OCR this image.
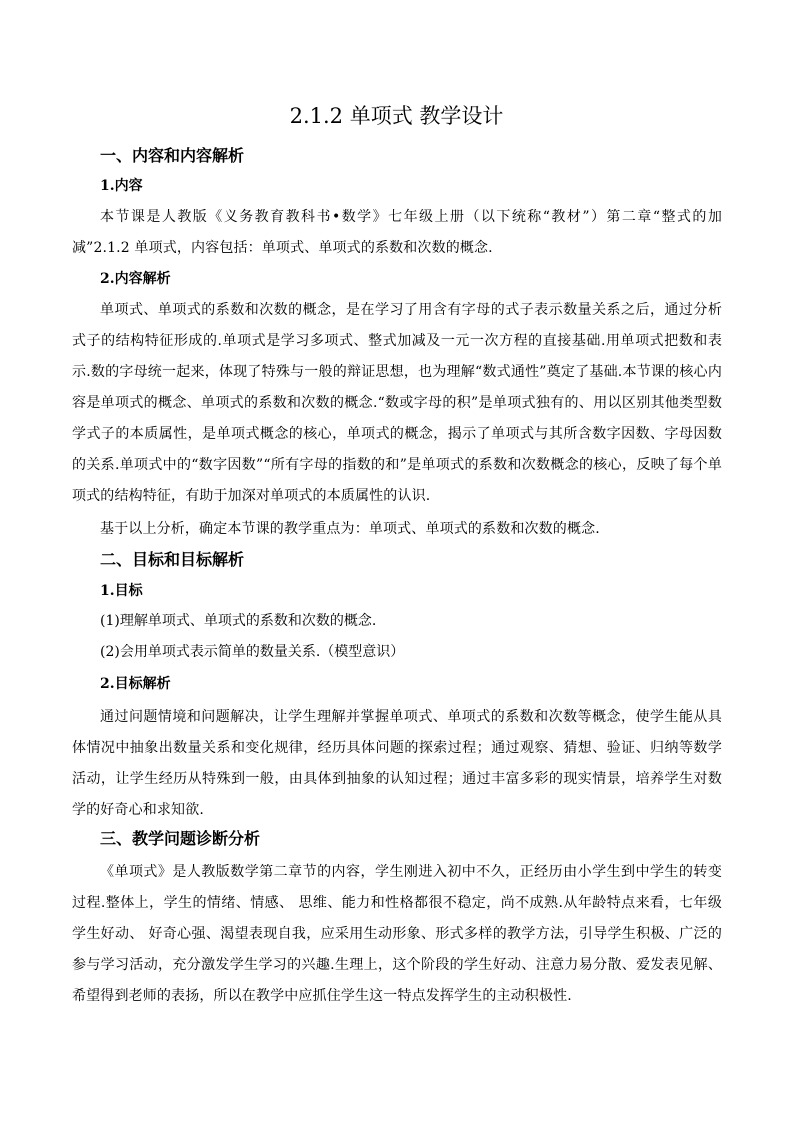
2.1.2 单项式 教学设计
一、内容和内容解析
1.内容

本节课是人教版《义务教育教科书•数学》七年级上册（以下统称“教材”）第二章“整式的加减”2.1.2 单项式，内容包括：单项式、单项式的系数和次数的概念.

2.内容解析

单项式、单项式的系数和次数的概念，是在学习了用含有字母的式子表示数量关系之后，通过分析式子的结构特征形成的.单项式是学习多项式、整式加减及一元一次方程的直接基础.用单项式把数和表示.数的字母统一起来，体现了特殊与一般的辩证思想，也为理解“数式通性”奠定了基础.本节课的核心内容是单项式的概念、单项式的系数和次数的概念.“数或字母的积”是单项式独有的、用以区别其他类型数学式子的本质属性，是单项式概念的核心，单项式的概念，揭示了单项式与其所含数字因数、字母因数的关系.单项式中的“数字因数”“所有字母的指数的和”是单项式的系数和次数概念的核心，反映了每个单项式的结构特征，有助于加深对单项式的本质属性的认识.

基于以上分析，确定本节课的教学重点为：单项式、单项式的系数和次数的概念.

二、目标和目标解析
1.目标
(1)理解单项式、单项式的系数和次数的概念.
(2)会用单项式表示简单的数量关系.（模型意识）
2.目标解析

通过问题情境和问题解决，让学生理解并掌握单项式、单项式的系数和次数等概念，使学生能从具体情况中抽象出数量关系和变化规律，经历具体问题的探索过程；通过观察、猜想、验证、归纳等数学活动，让学生经历从特殊到一般，由具体到抽象的认知过程；通过丰富多彩的现实情景，培养学生对数学的好奇心和求知欲.

三、教学问题诊断分析

《单项式》是人教版数学第二章节的内容，学生刚进入初中不久，正经历由小学生到中学生的转变过程.整体上，学生的情绪、情感、 思维、能力和性格都很不稳定，尚不成熟.从年龄特点来看，七年级学生好动、 好奇心强、渴望表现自我，应采用生动形象、形式多样的教学方法，引导学生积极、广泛的参与学习活动，充分激发学生学习的兴趣.生理上，这个阶段的学生好动、注意力易分散、爱发表见解、希望得到老师的表扬，所以在教学中应抓住学生这一特点发挥学生的主动积极性.
